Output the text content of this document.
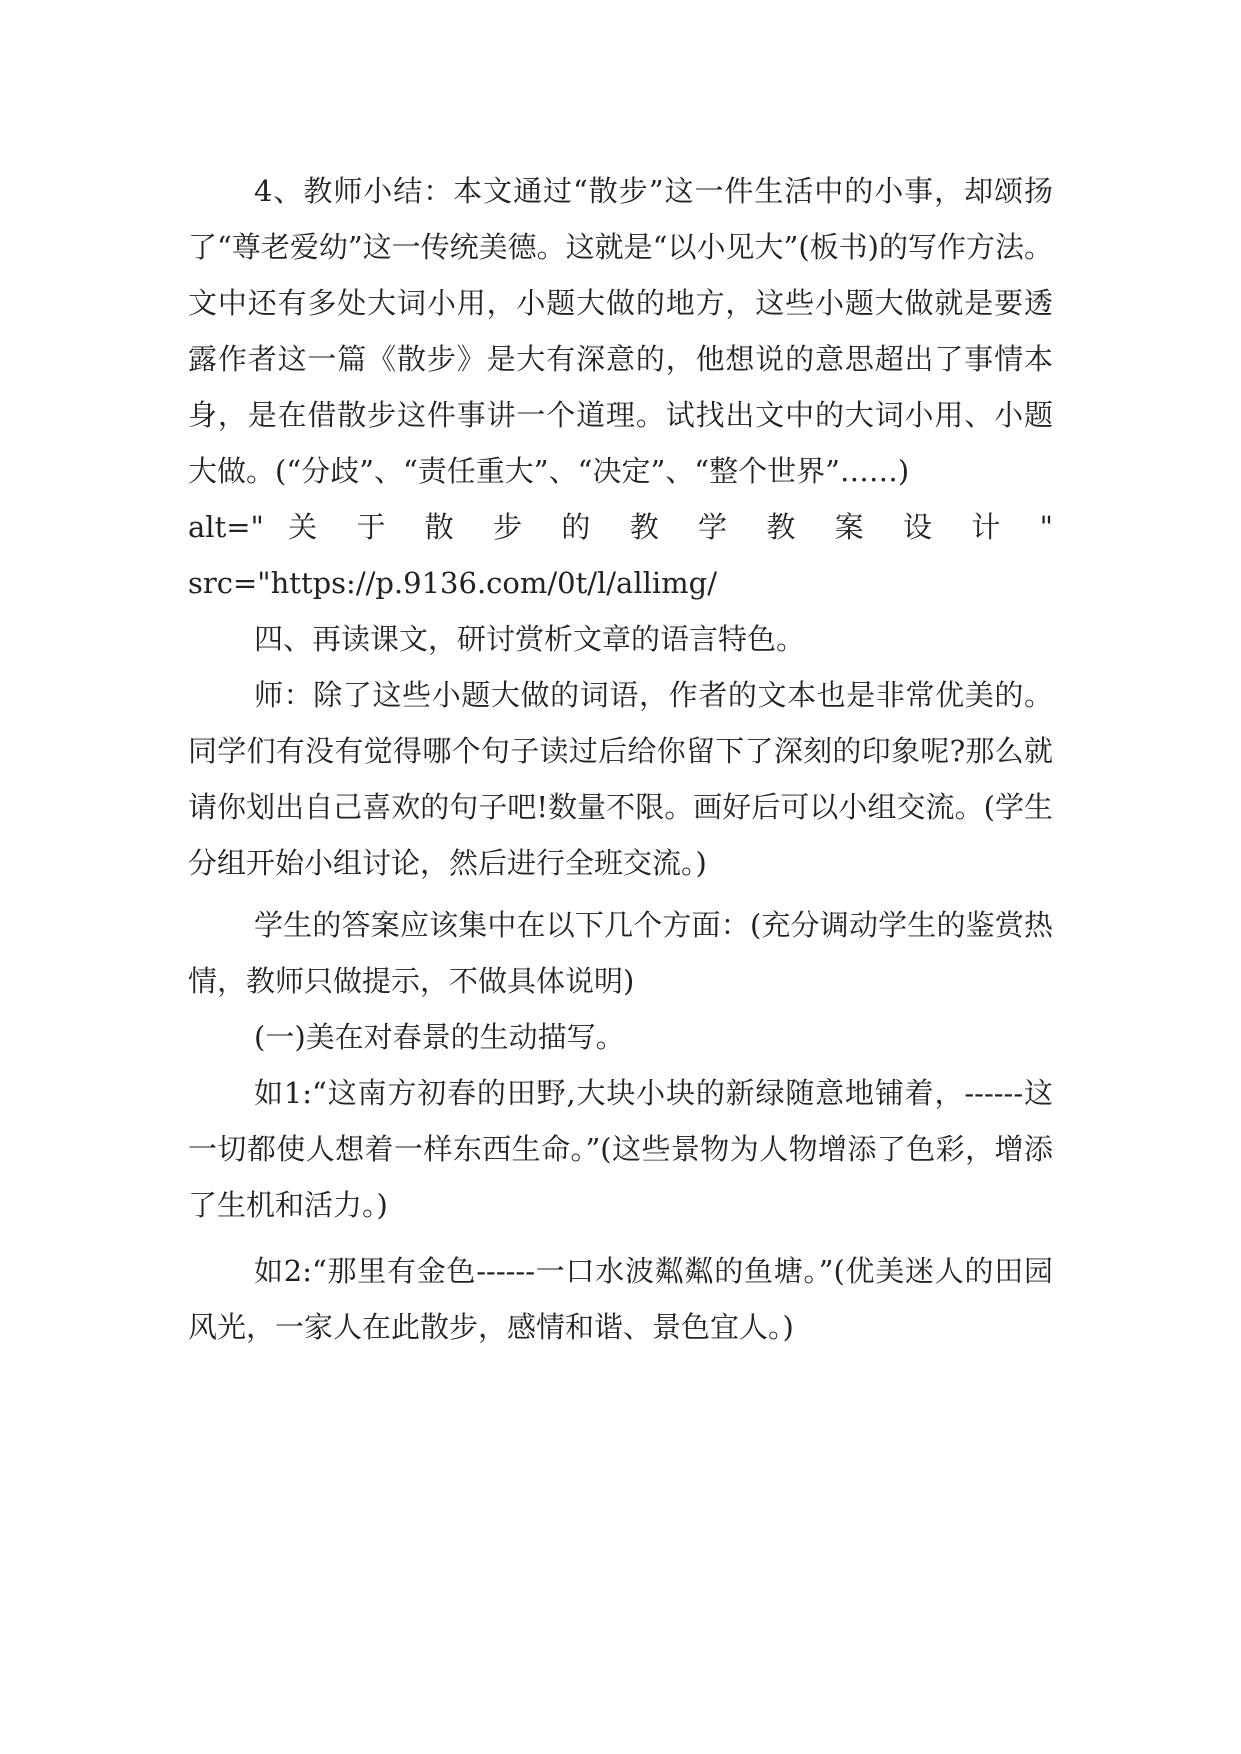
4、教师小结：本文通过“散步”这一件生活中的小事，却颂扬了“尊老爱幼”这一传统美德。这就是“以小见大”(板书)的写作方法。文中还有多处大词小用，小题大做的地方，这些小题大做就是要透露作者这一篇《散步》是大有深意的，他想说的意思超出了事情本身，是在借散步这件事讲一个道理。试找出文中的大词小用、小题大做。(“分歧”、“责任重大”、“决定”、“整个世界”……)

alt=" 关 于 散 步 的 教 学 教 案 设 计 "

src="https://p.9136.com/0t/l/allimg/

四、再读课文，研讨赏析文章的语言特色。

师：除了这些小题大做的词语，作者的文本也是非常优美的。同学们有没有觉得哪个句子读过后给你留下了深刻的印象呢?那么就请你划出自己喜欢的句子吧!数量不限。画好后可以小组交流。(学生分组开始小组讨论，然后进行全班交流。)

学生的答案应该集中在以下几个方面：(充分调动学生的鉴赏热情，教师只做提示，不做具体说明)

(一)美在对春景的生动描写。

如1:“这南方初春的田野,大块小块的新绿随意地铺着，------这一切都使人想着一样东西生命。”(这些景物为人物增添了色彩，增添了生机和活力。)

如2:“那里有金色------一口水波粼粼的鱼塘。”(优美迷人的田园风光，一家人在此散步，感情和谐、景色宜人。)
